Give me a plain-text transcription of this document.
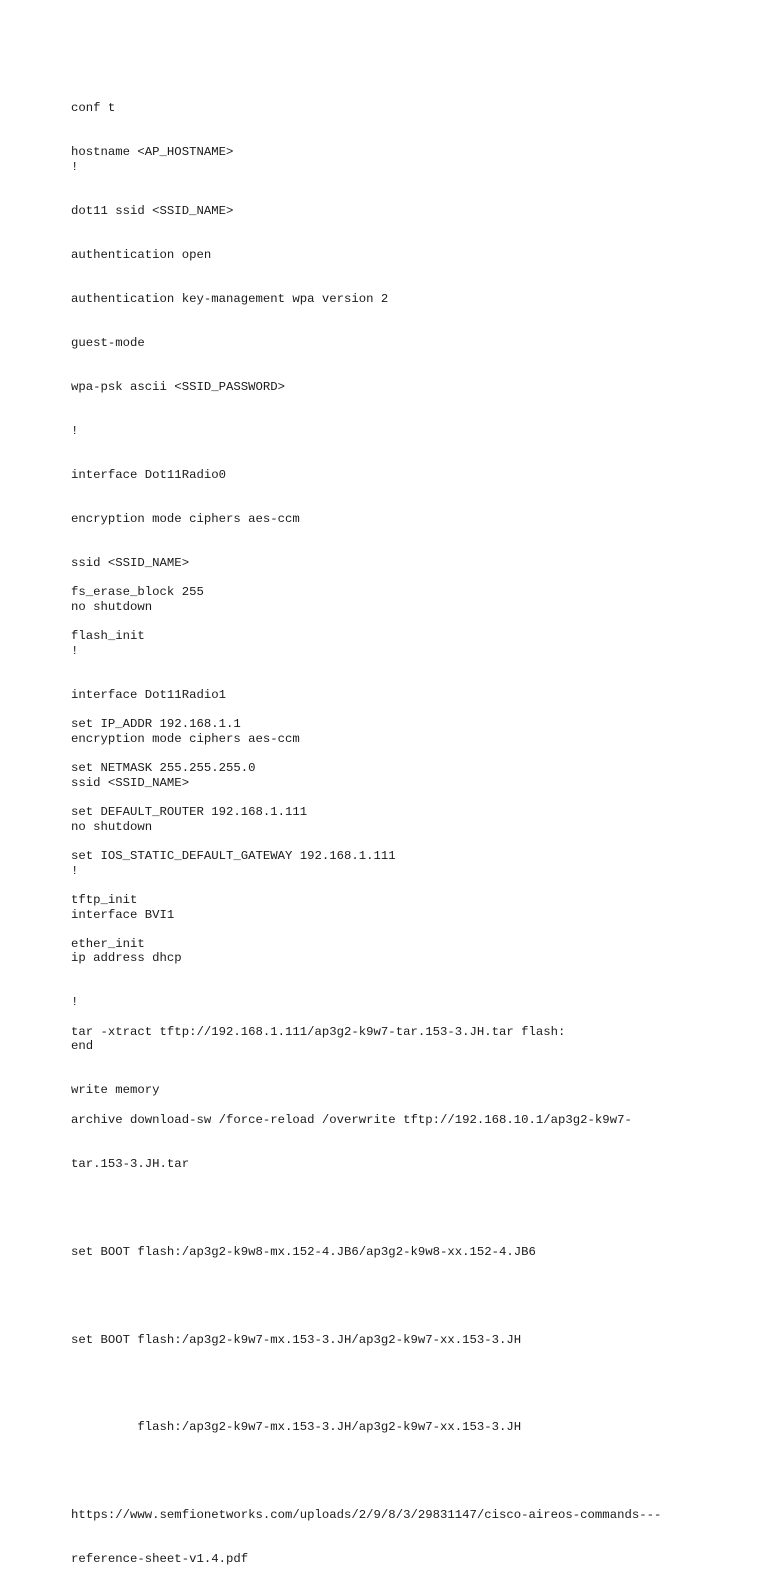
conf t

hostname <AP_HOSTNAME>

!

dot11 ssid <SSID_NAME>

authentication open

authentication key-management wpa version 2

guest-mode

wpa-psk ascii <SSID_PASSWORD>

!

interface Dot11Radio0

encryption mode ciphers aes-ccm

ssid <SSID_NAME>

no shutdown

!

interface Dot11Radio1

encryption mode ciphers aes-ccm

ssid <SSID_NAME>

no shutdown

!

interface BVI1

ip address dhcp

!

end

write memory

fs_erase_block 255

flash_init

set IP_ADDR 192.168.1.1

set NETMASK 255.255.255.0

set DEFAULT_ROUTER 192.168.1.111

set IOS_STATIC_DEFAULT_GATEWAY 192.168.1.111

tftp_init

ether_init

tar -xtract tftp://192.168.1.111/ap3g2-k9w7-tar.153-3.JH.tar flash:

archive download-sw /force-reload /overwrite tftp://192.168.10.1/ap3g2-k9w7-

tar.153-3.JH.tar

set BOOT flash:/ap3g2-k9w8-mx.152-4.JB6/ap3g2-k9w8-xx.152-4.JB6

set BOOT flash:/ap3g2-k9w7-mx.153-3.JH/ap3g2-k9w7-xx.153-3.JH

flash:/ap3g2-k9w7-mx.153-3.JH/ap3g2-k9w7-xx.153-3.JH

https://www.semfionetworks.com/uploads/2/9/8/3/29831147/cisco-aireos-commands---

reference-sheet-v1.4.pdf
